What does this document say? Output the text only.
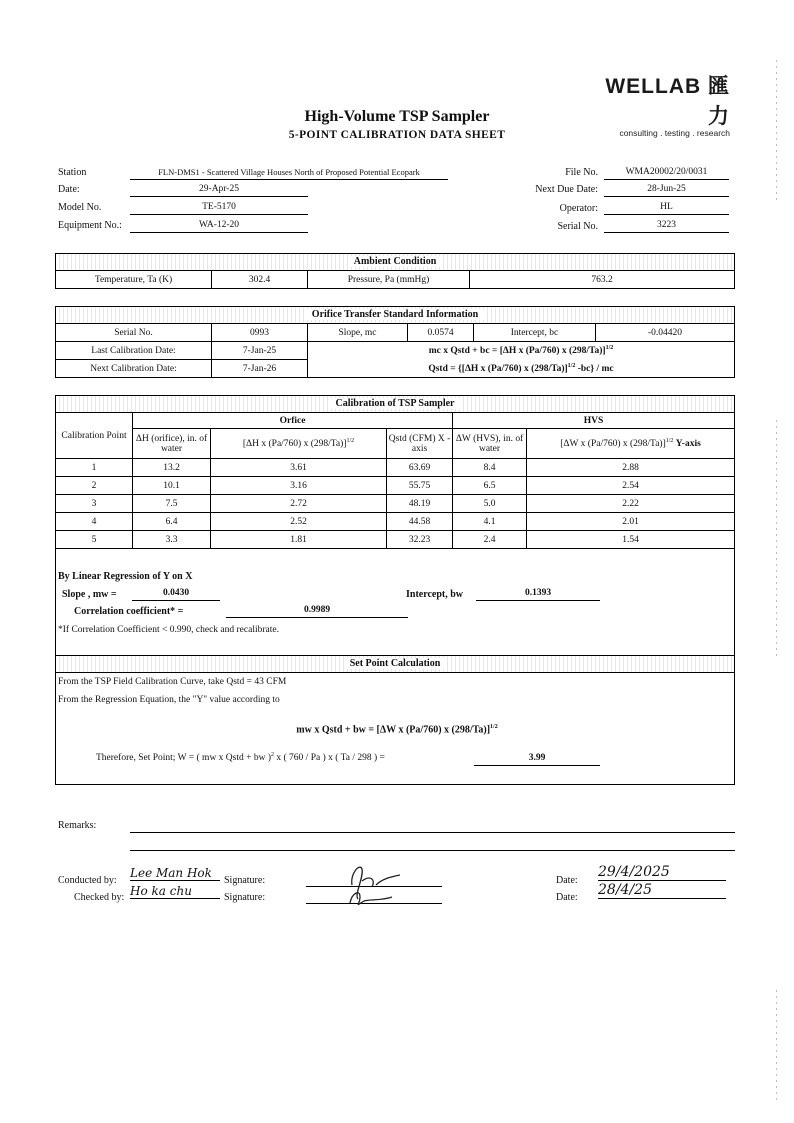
WELLAB 匯力
consulting . testing . research
High-Volume TSP Sampler
5-POINT CALIBRATION DATA SHEET
Station	FLN-DMS1 - Scattered Village Houses North of Proposed Potential Ecopark
Date:	29-Apr-25
Model No.	TE-5170
Equipment No.:	WA-12-20
File No.	WMA20002/20/0031
Next Due Date:	28-Jun-25
Operator:	HL
Serial No.	3223
Ambient Condition
Temperature, Ta (K)	302.4	Pressure, Pa (mmHg)	763.2
Orifice Transfer Standard Information
Serial No.	0993	Slope, mc	0.0574	Intercept, bc	-0.04420
Last Calibration Date:	7-Jan-25	mc x Qstd + bc = [ΔH x (Pa/760) x (298/Ta)]$^{1/2}$
Next Calibration Date:	7-Jan-26	Qstd = {[ΔH x (Pa/760) x (298/Ta)]$^{1/2}$ -bc} / mc			
Calibration of TSP Sampler
Calibration Point	Orfice			HVS	
	ΔH (orifice), in. of water	[ΔH x (Pa/760) x (298/Ta)]$^{1/2}$	Qstd (CFM) X - axis	ΔW (HVS), in. of water	[ΔW x (Pa/760) x (298/Ta)]$^{1/2}$ Y-axis
1	13.2	3.61	63.69	8.4	2.88
2	10.1	3.16	55.75	6.5	2.54
3	7.5	2.72	48.19	5.0	2.22
4	6.4	2.52	44.58	4.1	2.01
5	3.3	1.81	32.23	2.4	1.54
By Linear Regression of Y on X
Slope , mw =	0.0430	Intercept, bw	0.1393
Correlation coefficient* =	0.9989
*If Correlation Coefficient < 0.990, check and recalibrate.
Set Point Calculation
From the TSP Field Calibration Curve, take Qstd = 43 CFM
From the Regression Equation, the "Y" value according to
mw x Qstd + bw = [ΔW x (Pa/760) x (298/Ta)]$^{1/2}$
Therefore, Set Point; W = ( mw x Qstd + bw )$^2$ x ( 760 / Pa ) x ( Ta / 298 ) =	3.99
Remarks:
Conducted by:
Lee Man Hok
Signature:
Checked by: Ho ka chu	Signature:
Date:
29/4/2025
Date: 28/4/25
